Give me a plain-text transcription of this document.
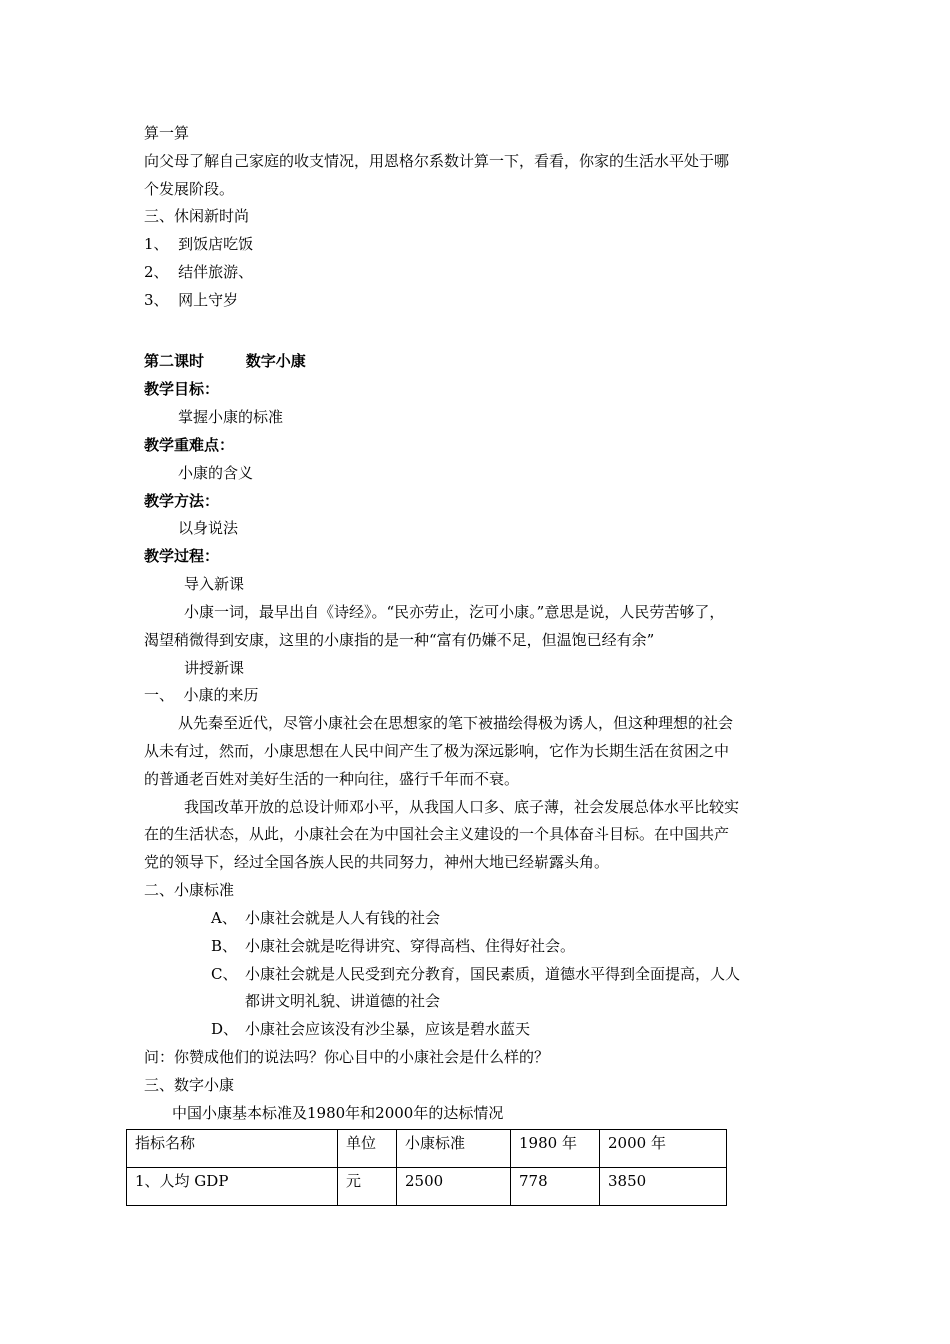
算一算
向父母了解自己家庭的收支情况，用恩格尔系数计算一下，看看，你家的生活水平处于哪
个发展阶段。
三、休闲新时尚
1、  到饭店吃饭
2、  结伴旅游、
3、  网上守岁
第二课时        数字小康
教学目标：
掌握小康的标准
教学重难点：
小康的含义
教学方法：
以身说法
教学过程：
导入新课
小康一词，最早出自《诗经》。“民亦劳止，汔可小康。”意思是说，人民劳苦够了，
渴望稍微得到安康，这里的小康指的是一种“富有仍嫌不足，但温饱已经有余”
讲授新课
一、  小康的来历
从先秦至近代，尽管小康社会在思想家的笔下被描绘得极为诱人，但这种理想的社会
从未有过，然而，小康思想在人民中间产生了极为深远影响，它作为长期生活在贫困之中
的普通老百姓对美好生活的一种向往，盛行千年而不衰。
我国改革开放的总设计师邓小平，从我国人口多、底子薄，社会发展总体水平比较实
在的生活状态，从此，小康社会在为中国社会主义建设的一个具体奋斗目标。在中国共产
党的领导下，经过全国各族人民的共同努力，神州大地已经崭露头角。
二、小康标准
A、 小康社会就是人人有钱的社会
B、 小康社会就是吃得讲究、穿得高档、住得好社会。
C、 小康社会就是人民受到充分教育，国民素质，道德水平得到全面提高，人人
都讲文明礼貌、讲道德的社会
D、 小康社会应该没有沙尘暴，应该是碧水蓝天
问：你赞成他们的说法吗？你心目中的小康社会是什么样的？
三、数字小康
中国小康基本标准及1980年和2000年的达标情况
指标名称	单位	小康标准	1980 年	2000 年
1、人均 GDP	元	2500	778	3850
